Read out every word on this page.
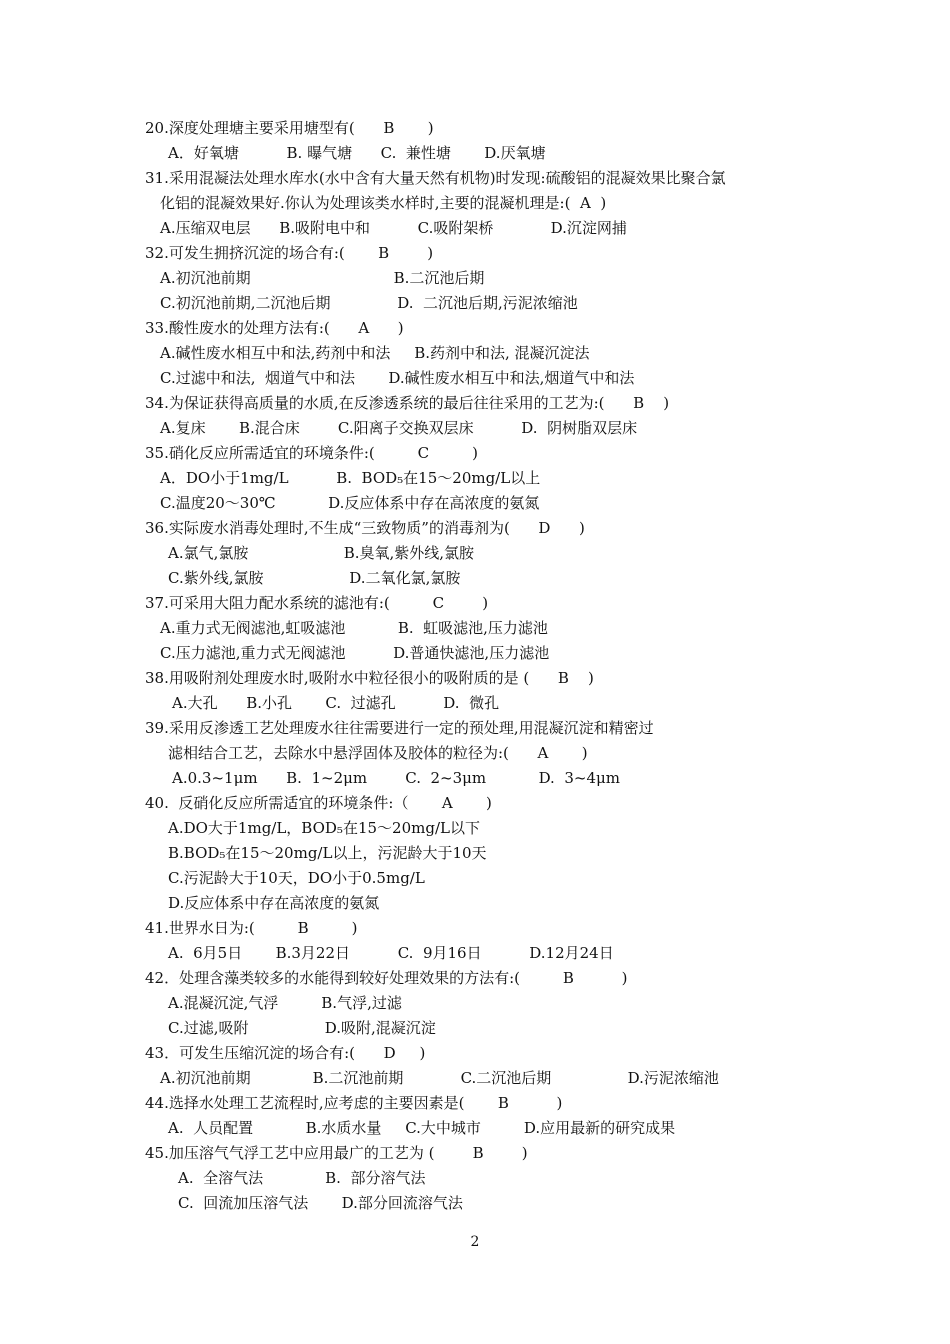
20.深度处理塘主要采用塘型有(      B       )
A．好氧塘          B. 曝气塘      C.  兼性塘       D.厌氧塘
31.采用混凝法处理水库水(水中含有大量天然有机物)时发现:硫酸铝的混凝效果比聚合氯
化铝的混凝效果好.你认为处理该类水样时,主要的混凝机理是:(  A  )
A.压缩双电层      B.吸附电中和          C.吸附架桥            D.沉淀网捕
32.可发生拥挤沉淀的场合有:(       B        )
A.初沉池前期                              B.二沉池后期
C.初沉池前期,二沉池后期              D.  二沉池后期,污泥浓缩池
33.酸性废水的处理方法有:(      A      )
A.碱性废水相互中和法,药剂中和法     B.药剂中和法, 混凝沉淀法
C.过滤中和法,  烟道气中和法       D.碱性废水相互中和法,烟道气中和法
34.为保证获得高质量的水质,在反渗透系统的最后往往采用的工艺为:(      B    )
A.复床       B.混合床        C.阳离子交换双层床          D.  阴树脂双层床
35.硝化反应所需适宜的环境条件:(         C         )
A．DO小于1mg/L          B.  BOD₅在15～20mg/L以上
C.温度20～30℃           D.反应体系中存在高浓度的氨氮
36.实际废水消毒处理时,不生成“三致物质”的消毒剂为(      D      )
A.氯气,氯胺                    B.臭氧,紫外线,氯胺
C.紫外线,氯胺                  D.二氧化氯,氯胺
37.可采用大阻力配水系统的滤池有:(         C        )
A.重力式无阀滤池,虹吸滤池           B.  虹吸滤池,压力滤池
C.压力滤池,重力式无阀滤池          D.普通快滤池,压力滤池
38.用吸附剂处理废水时,吸附水中粒径很小的吸附质的是 (      B    )
A.大孔      B.小孔       C.  过滤孔          D.  微孔
39.采用反渗透工艺处理废水往往需要进行一定的预处理,用混凝沉淀和精密过
滤相结合工艺，去除水中悬浮固体及胶体的粒径为:(      A       )
A.0.3~1μm      B.  1~2μm        C.  2~3μm           D.  3~4μm
40.  反硝化反应所需适宜的环境条件:（       A       )
A.DO大于1mg/L，BOD₅在15～20mg/L以下
B.BOD₅在15～20mg/L以上，污泥龄大于10天
C.污泥龄大于10天，DO小于0.5mg/L
D.反应体系中存在高浓度的氨氮
41.世界水日为:(         B         )
A.  6月5日       B.3月22日          C.  9月16日          D.12月24日
42．处理含藻类较多的水能得到较好处理效果的方法有:(         B          )
A.混凝沉淀,气浮         B.气浮,过滤
C.过滤,吸附                D.吸附,混凝沉淀
43．可发生压缩沉淀的场合有:(      D     )
A.初沉池前期             B.二沉池前期            C.二沉池后期                D.污泥浓缩池
44.选择水处理工艺流程时,应考虑的主要因素是(       B          )
A.  人员配置           B.水质水量     C.大中城市         D.应用最新的研究成果
45.加压溶气气浮工艺中应用最广的工艺为 (        B        )
A.  全溶气法             B.  部分溶气法
C.  回流加压溶气法       D.部分回流溶气法
2
